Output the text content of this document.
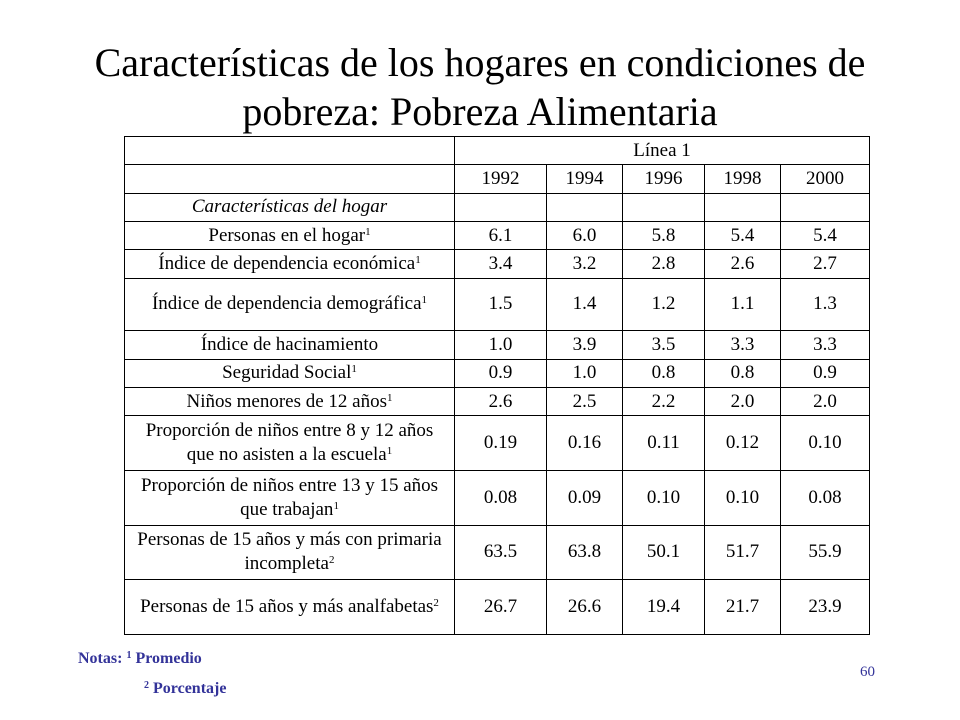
Características de los hogares en condiciones de pobreza: Pobreza Alimentaria
	Línea 1				
	1992	1994	1996	1998	2000
Características del hogar					
Personas en el hogar$^1$	6.1	6.0	5.8	5.4	5.4
Índice de dependencia económica$^1$	3.4	3.2	2.8	2.6	2.7
Índice de dependencia demográfica$^1$	1.5	1.4	1.2	1.1	1.3
Índice de hacinamiento	1.0	3.9	3.5	3.3	3.3
Seguridad Social$^1$	0.9	1.0	0.8	0.8	0.9
Niños menores de 12 años$^1$	2.6	2.5	2.2	2.0	2.0
Proporción de niños entre 8 y 12 años que no asisten a la escuela$^1$	0.19	0.16	0.11	0.12	0.10
Proporción de niños entre 13 y 15 años que trabajan$^1$	0.08	0.09	0.10	0.10	0.08
Personas de 15 años y más con primaria incompleta$^2$	63.5	63.8	50.1	51.7	55.9
Personas de 15 años y más analfabetas$^2$	26.7	26.6	19.4	21.7	23.9
Notas: $^1$ Promedio
$^2$ Porcentaje
60
